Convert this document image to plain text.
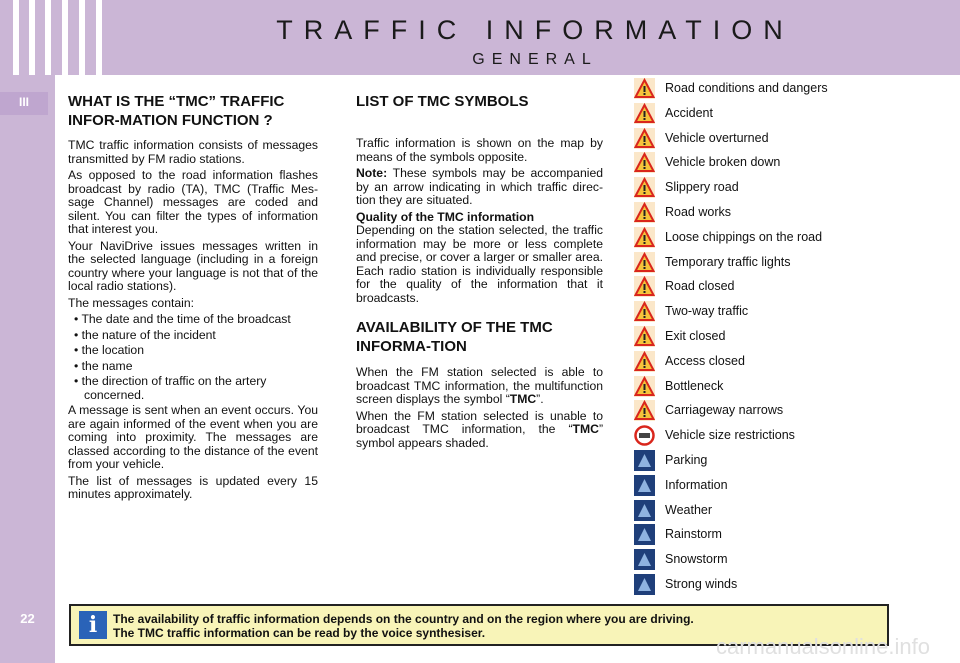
TRAFFIC INFORMATION
GENERAL
III
22
WHAT IS THE “TMC” TRAFFIC INFOR-MATION FUNCTION ?

TMC traffic information consists of messages transmitted by FM radio stations.

As opposed to the road information flashes broadcast by radio (TA), TMC (Traffic Mes-sage Channel) messages are coded and silent. You can filter the types of information that interest you.

Your NaviDrive issues messages written in the selected language (including in a foreign country where your language is not that of the local radio stations).

The messages contain:

• The date and the time of the broadcast
• the nature of the incident
• the location
• the name
• the direction of traffic on the artery concerned.

A message is sent when an event occurs. You are again informed of the event when you are coming into proximity. The messages are classed according to the distance of the event from your vehicle.

The list of messages is updated every 15 minutes approximately.

LIST OF TMC SYMBOLS

Traffic information is shown on the map by means of the symbols opposite.

Note: These symbols may be accompanied by an arrow indicating in which traffic direc-tion they are situated.

Quality of the TMC information

Depending on the station selected, the traffic information may be more or less complete and precise, or cover a larger or smaller area. Each radio station is individually responsible for the quality of the information that it broadcasts.

AVAILABILITY OF THE TMC INFORMA-TION

When the FM station selected is able to broadcast TMC information, the multifunction screen displays the symbol “TMC”.

When the FM station selected is unable to broadcast TMC information, the “TMC” symbol appears shaded.

Road conditions and dangers
Accident
Vehicle overturned
Vehicle broken down
Slippery road
Road works
Loose chippings on the road
Temporary traffic lights
Road closed
Two-way traffic
Exit closed
Access closed
Bottleneck
Carriageway narrows
Vehicle size restrictions
Parking
Information
Weather
Rainstorm
Snowstorm
Strong winds
i	The availability of traffic information depends on the country and on the region where you are driving.
The TMC traffic information can be read by the voice synthesiser.
carmanualsonline.info
